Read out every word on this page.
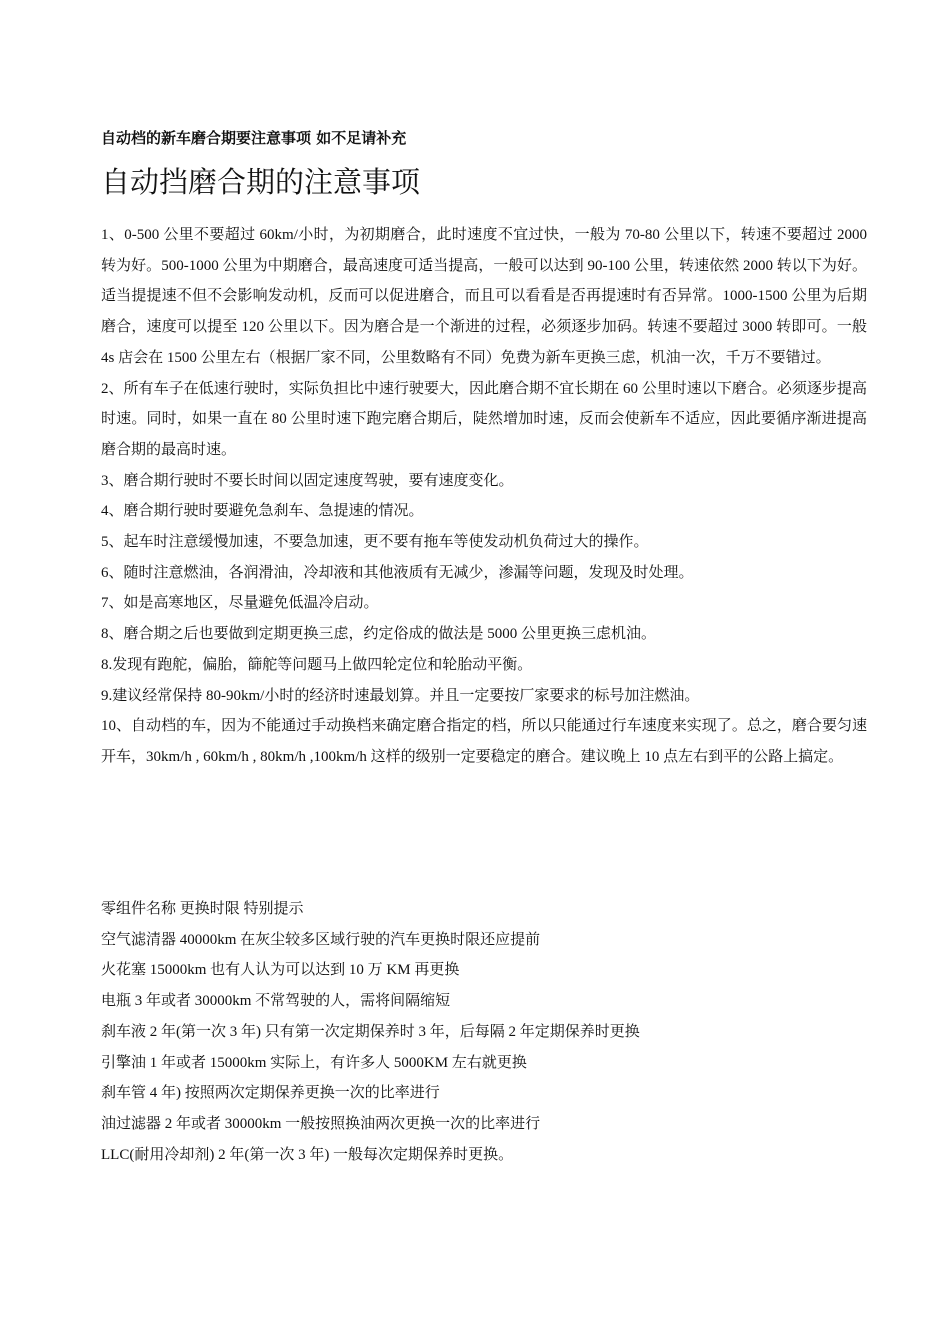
自动档的新车磨合期要注意事项 如不足请补充
自动挡磨合期的注意事项

1、0-500 公里不要超过 60km/小时，为初期磨合，此时速度不宜过快，一般为 70-80 公里以下，转速不要超过 2000 转为好。500-1000 公里为中期磨合，最高速度可适当提高，一般可以达到 90-100 公里，转速依然 2000 转以下为好。适当提提速不但不会影响发动机，反而可以促进磨合，而且可以看看是否再提速时有否异常。1000-1500 公里为后期磨合，速度可以提至 120 公里以下。因为磨合是一个渐进的过程，必须逐步加码。转速不要超过 3000 转即可。一般 4s 店会在 1500 公里左右（根据厂家不同，公里数略有不同）免费为新车更换三虑，机油一次，千万不要错过。

2、所有车子在低速行驶时，实际负担比中速行驶要大，因此磨合期不宜长期在 60 公里时速以下磨合。必须逐步提高时速。同时，如果一直在 80 公里时速下跑完磨合期后，陡然增加时速，反而会使新车不适应，因此要循序渐进提高磨合期的最高时速。

3、磨合期行驶时不要长时间以固定速度驾驶，要有速度变化。

4、磨合期行驶时要避免急刹车、急提速的情况。

5、起车时注意缓慢加速，不要急加速，更不要有拖车等使发动机负荷过大的操作。

6、随时注意燃油，各润滑油，冷却液和其他液质有无减少，渗漏等问题，发现及时处理。

7、如是高寒地区，尽量避免低温冷启动。

8、磨合期之后也要做到定期更换三虑，约定俗成的做法是 5000 公里更换三虑机油。

8.发现有跑舵，偏胎，篩舵等问题马上做四轮定位和轮胎动平衡。

9.建议经常保持 80-90km/小时的经济时速最划算。并且一定要按厂家要求的标号加注燃油。

10、自动档的车，因为不能通过手动换档来确定磨合指定的档，所以只能通过行车速度来实现了。总之，磨合要匀速开车，30km/h , 60km/h , 80km/h ,100km/h 这样的级别一定要稳定的磨合。建议晚上 10 点左右到平的公路上搞定。

零组件名称 更换时限 特别提示

空气滤清器 40000km 在灰尘较多区域行驶的汽车更换时限还应提前

火花塞 15000km 也有人认为可以达到 10 万 KM 再更换

电瓶 3 年或者 30000km 不常驾驶的人，需将间隔缩短

刹车液 2 年(第一次 3 年) 只有第一次定期保养时 3 年，后每隔 2 年定期保养时更换

引擎油 1 年或者 15000km 实际上，有许多人 5000KM 左右就更换

刹车管 4 年) 按照两次定期保养更换一次的比率进行

油过滤器 2 年或者 30000km 一般按照换油两次更换一次的比率进行

LLC(耐用冷却剂) 2 年(第一次 3 年) 一般每次定期保养时更换。
